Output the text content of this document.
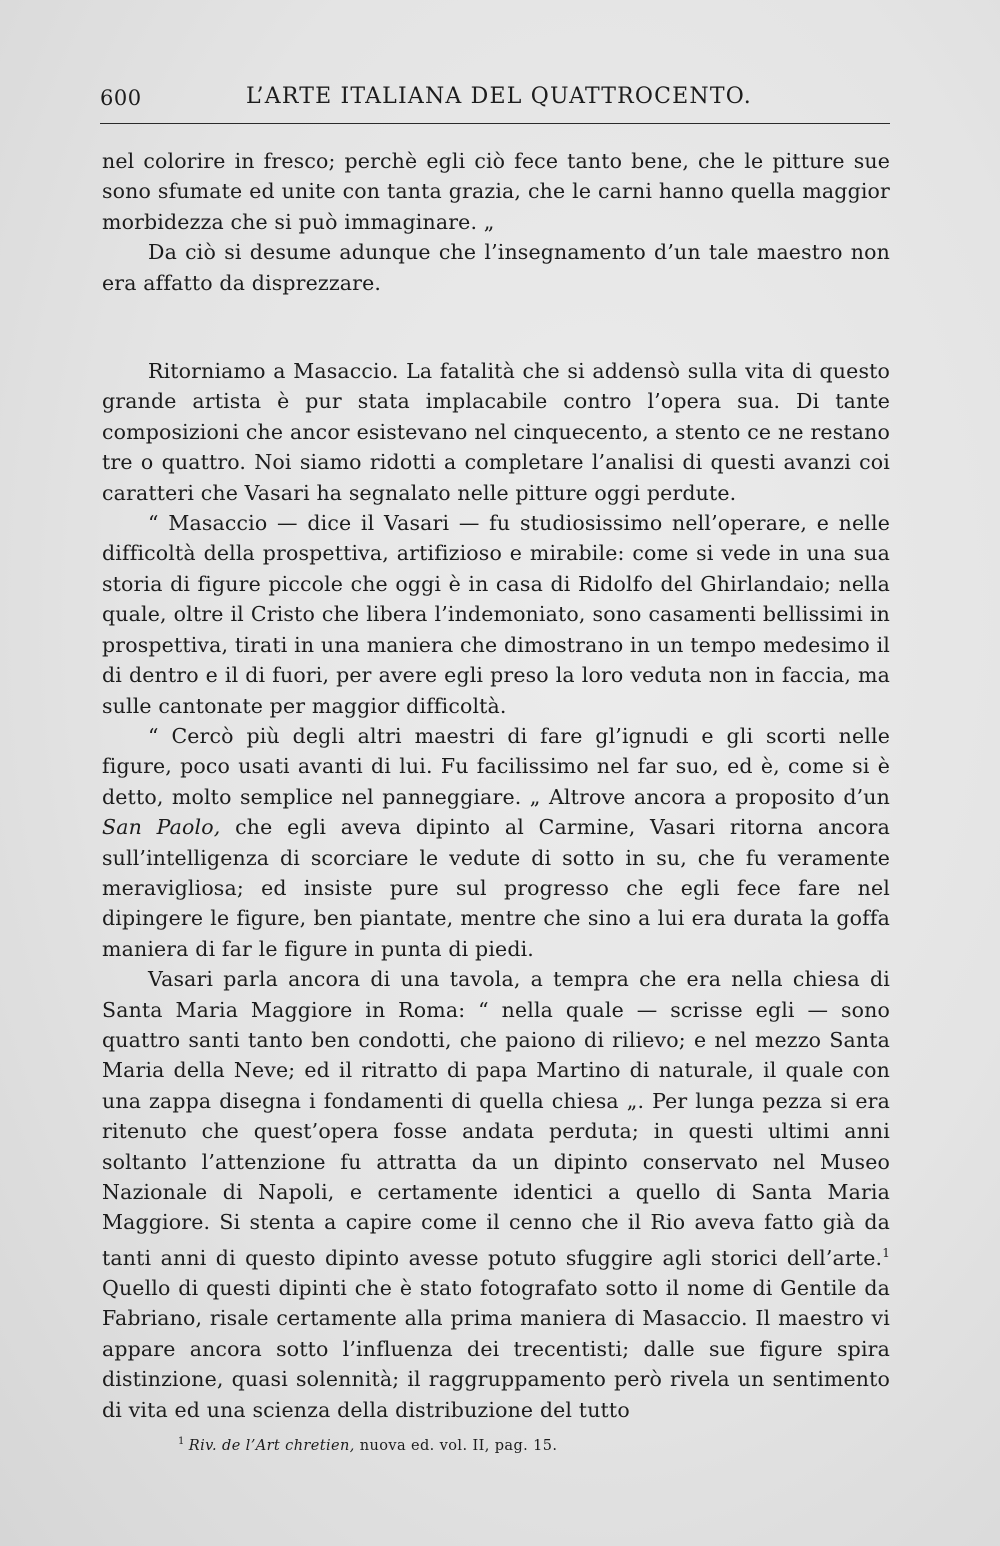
600	L’ARTE ITALIANA DEL QUATTROCENTO.

nel colorire in fresco; perchè egli ciò fece tanto bene, che le pitture sue sono sfumate ed unite con tanta grazia, che le carni hanno quella maggior morbidezza che si può immaginare. „

Da ciò si desume adunque che l’insegnamento d’un tale maestro non era affatto da disprezzare.

Ritorniamo a Masaccio. La fatalità che si addensò sulla vita di questo grande artista è pur stata implacabile contro l’opera sua. Di tante composizioni che ancor esistevano nel cinquecento, a stento ce ne restano tre o quattro. Noi siamo ridotti a completare l’analisi di questi avanzi coi caratteri che Vasari ha segnalato nelle pitture oggi perdute.

“ Masaccio — dice il Vasari — fu studiosissimo nell’operare, e nelle difficoltà della prospettiva, artifizioso e mirabile: come si vede in una sua storia di figure piccole che oggi è in casa di Ridolfo del Ghirlandaio; nella quale, oltre il Cristo che libera l’indemoniato, sono casamenti bellissimi in prospettiva, tirati in una maniera che dimostrano in un tempo medesimo il di dentro e il di fuori, per avere egli preso la loro veduta non in faccia, ma sulle cantonate per maggior difficoltà.

“ Cercò più degli altri maestri di fare gl’ignudi e gli scorti nelle figure, poco usati avanti di lui. Fu facilissimo nel far suo, ed è, come si è detto, molto semplice nel panneggiare. „ Altrove ancora a proposito d’un San Paolo, che egli aveva dipinto al Carmine, Vasari ritorna ancora sull’intelligenza di scorciare le vedute di sotto in su, che fu veramente meravigliosa; ed insiste pure sul progresso che egli fece fare nel dipingere le figure, ben piantate, mentre che sino a lui era durata la goffa maniera di far le figure in punta di piedi.

Vasari parla ancora di una tavola, a tempra che era nella chiesa di Santa Maria Maggiore in Roma: “ nella quale — scrisse egli — sono quattro santi tanto ben condotti, che paiono di rilievo; e nel mezzo Santa Maria della Neve; ed il ritratto di papa Martino di naturale, il quale con una zappa disegna i fondamenti di quella chiesa „. Per lunga pezza si era ritenuto che quest’opera fosse andata perduta; in questi ultimi anni soltanto l’attenzione fu attratta da un dipinto conservato nel Museo Nazionale di Napoli, e certamente identici a quello di Santa Maria Maggiore. Si stenta a capire come il cenno che il Rio aveva fatto già da tanti anni di questo dipinto avesse potuto sfuggire agli storici dell’arte.$^1$ Quello di questi dipinti che è stato fotografato sotto il nome di Gentile da Fabriano, risale certamente alla prima maniera di Masaccio. Il maestro vi appare ancora sotto l’influenza dei trecentisti; dalle sue figure spira distinzione, quasi solennità; il raggruppamento però rivela un sentimento di vita ed una scienza della distribuzione del tutto

$^1$ Riv. de l’Art chretien, nuova ed. vol. II, pag. 15.
